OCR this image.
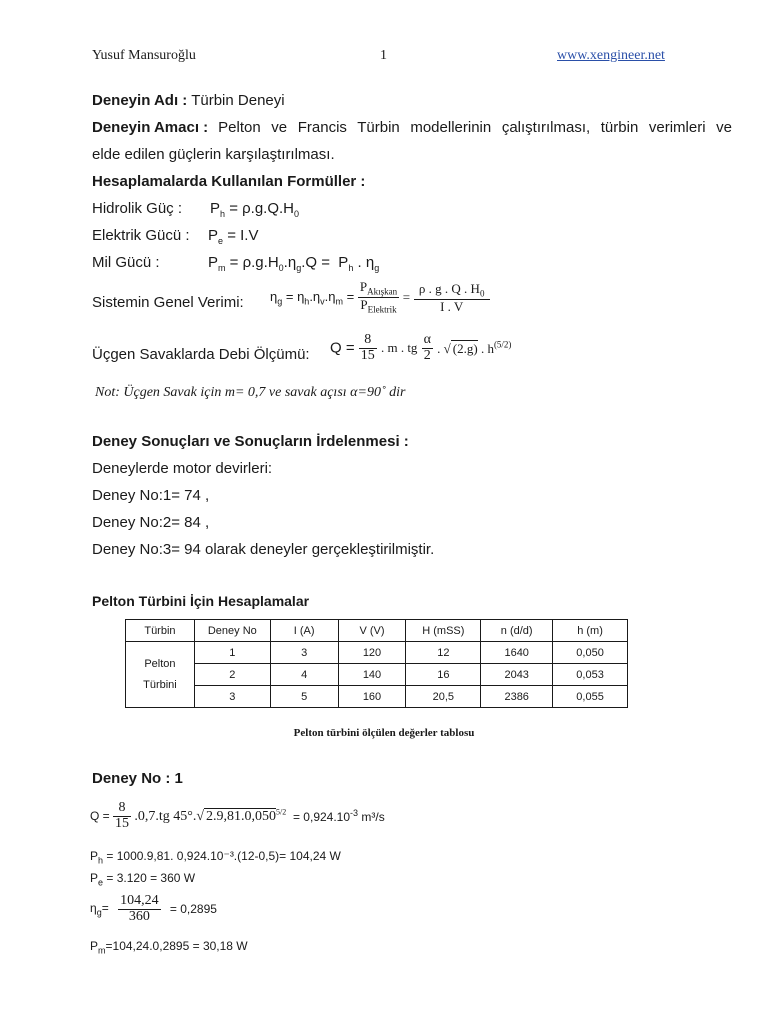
Yusuf Mansuroğlu	1	www.xengineer.net
Deneyin Adı : Türbin Deneyi
Deneyin Amacı : Pelton ve Francis Türbin modellerinin çalıştırılması, türbin verimleri ve
elde edilen güçlerin karşılaştırılması.
Hesaplamalarda Kullanılan Formüller :
Hidrolik Güç : $P_h = \rho.g.Q.H_0$
Elektrik Gücü : $P_e = I.V$
Mil Gücü :	$P_m = \rho.g.H_0.\eta_g.Q = P_h$ . $\eta_g$
Sistemin Genel Verimi: $\eta_g = \eta_h.\eta_v.\eta_m = \frac{P_{Akışkan}}{P_{Elektrik}} = \frac{\rho . g . Q . H_0}{I . V}$
Üçgen Savaklarda Debi Ölçümü: $Q = \frac{8}{15}$ . m . tg $\frac{\alpha}{2}$ . √ (2.g) . $h^{(5/2)}$
Not: Üçgen Savak için m= 0,7 ve savak açısı α=90˚ dir
Deney Sonuçları ve Sonuçların İrdelenmesi :
Deneylerde motor devirleri:
Deney No:1= 74 ,
Deney No:2= 84 ,
Deney No:3= 94 olarak deneyler gerçekleştirilmiştir.
Pelton Türbini İçin Hesaplamalar
Türbin	Deney No	I (A)	V (V)	H (mSS)	n (d/d)	h (m)
Pelton
Türbini	1	3	120	12	1640	0,050
	2	4	140	16	2043	0,053
	3	5	160	20,5	2386	0,055
Pelton türbini ölçülen değerler tablosu
Deney No : 1
$Q = \frac{8}{15} .0,7.tg$ 45°.√ $2.9,81.0,050^{5/2} = 0,924.10^{-3}$ m³/s
$P_h = 1000.9,81$. 0,924.10⁻³.(12-0,5)= 104,24 W
$P_e = 3.120 = 360$ W
$\eta_g= \frac{104,24}{360} = 0,2895$
$P_m=104,24.0,2895 = 30,18$ W
